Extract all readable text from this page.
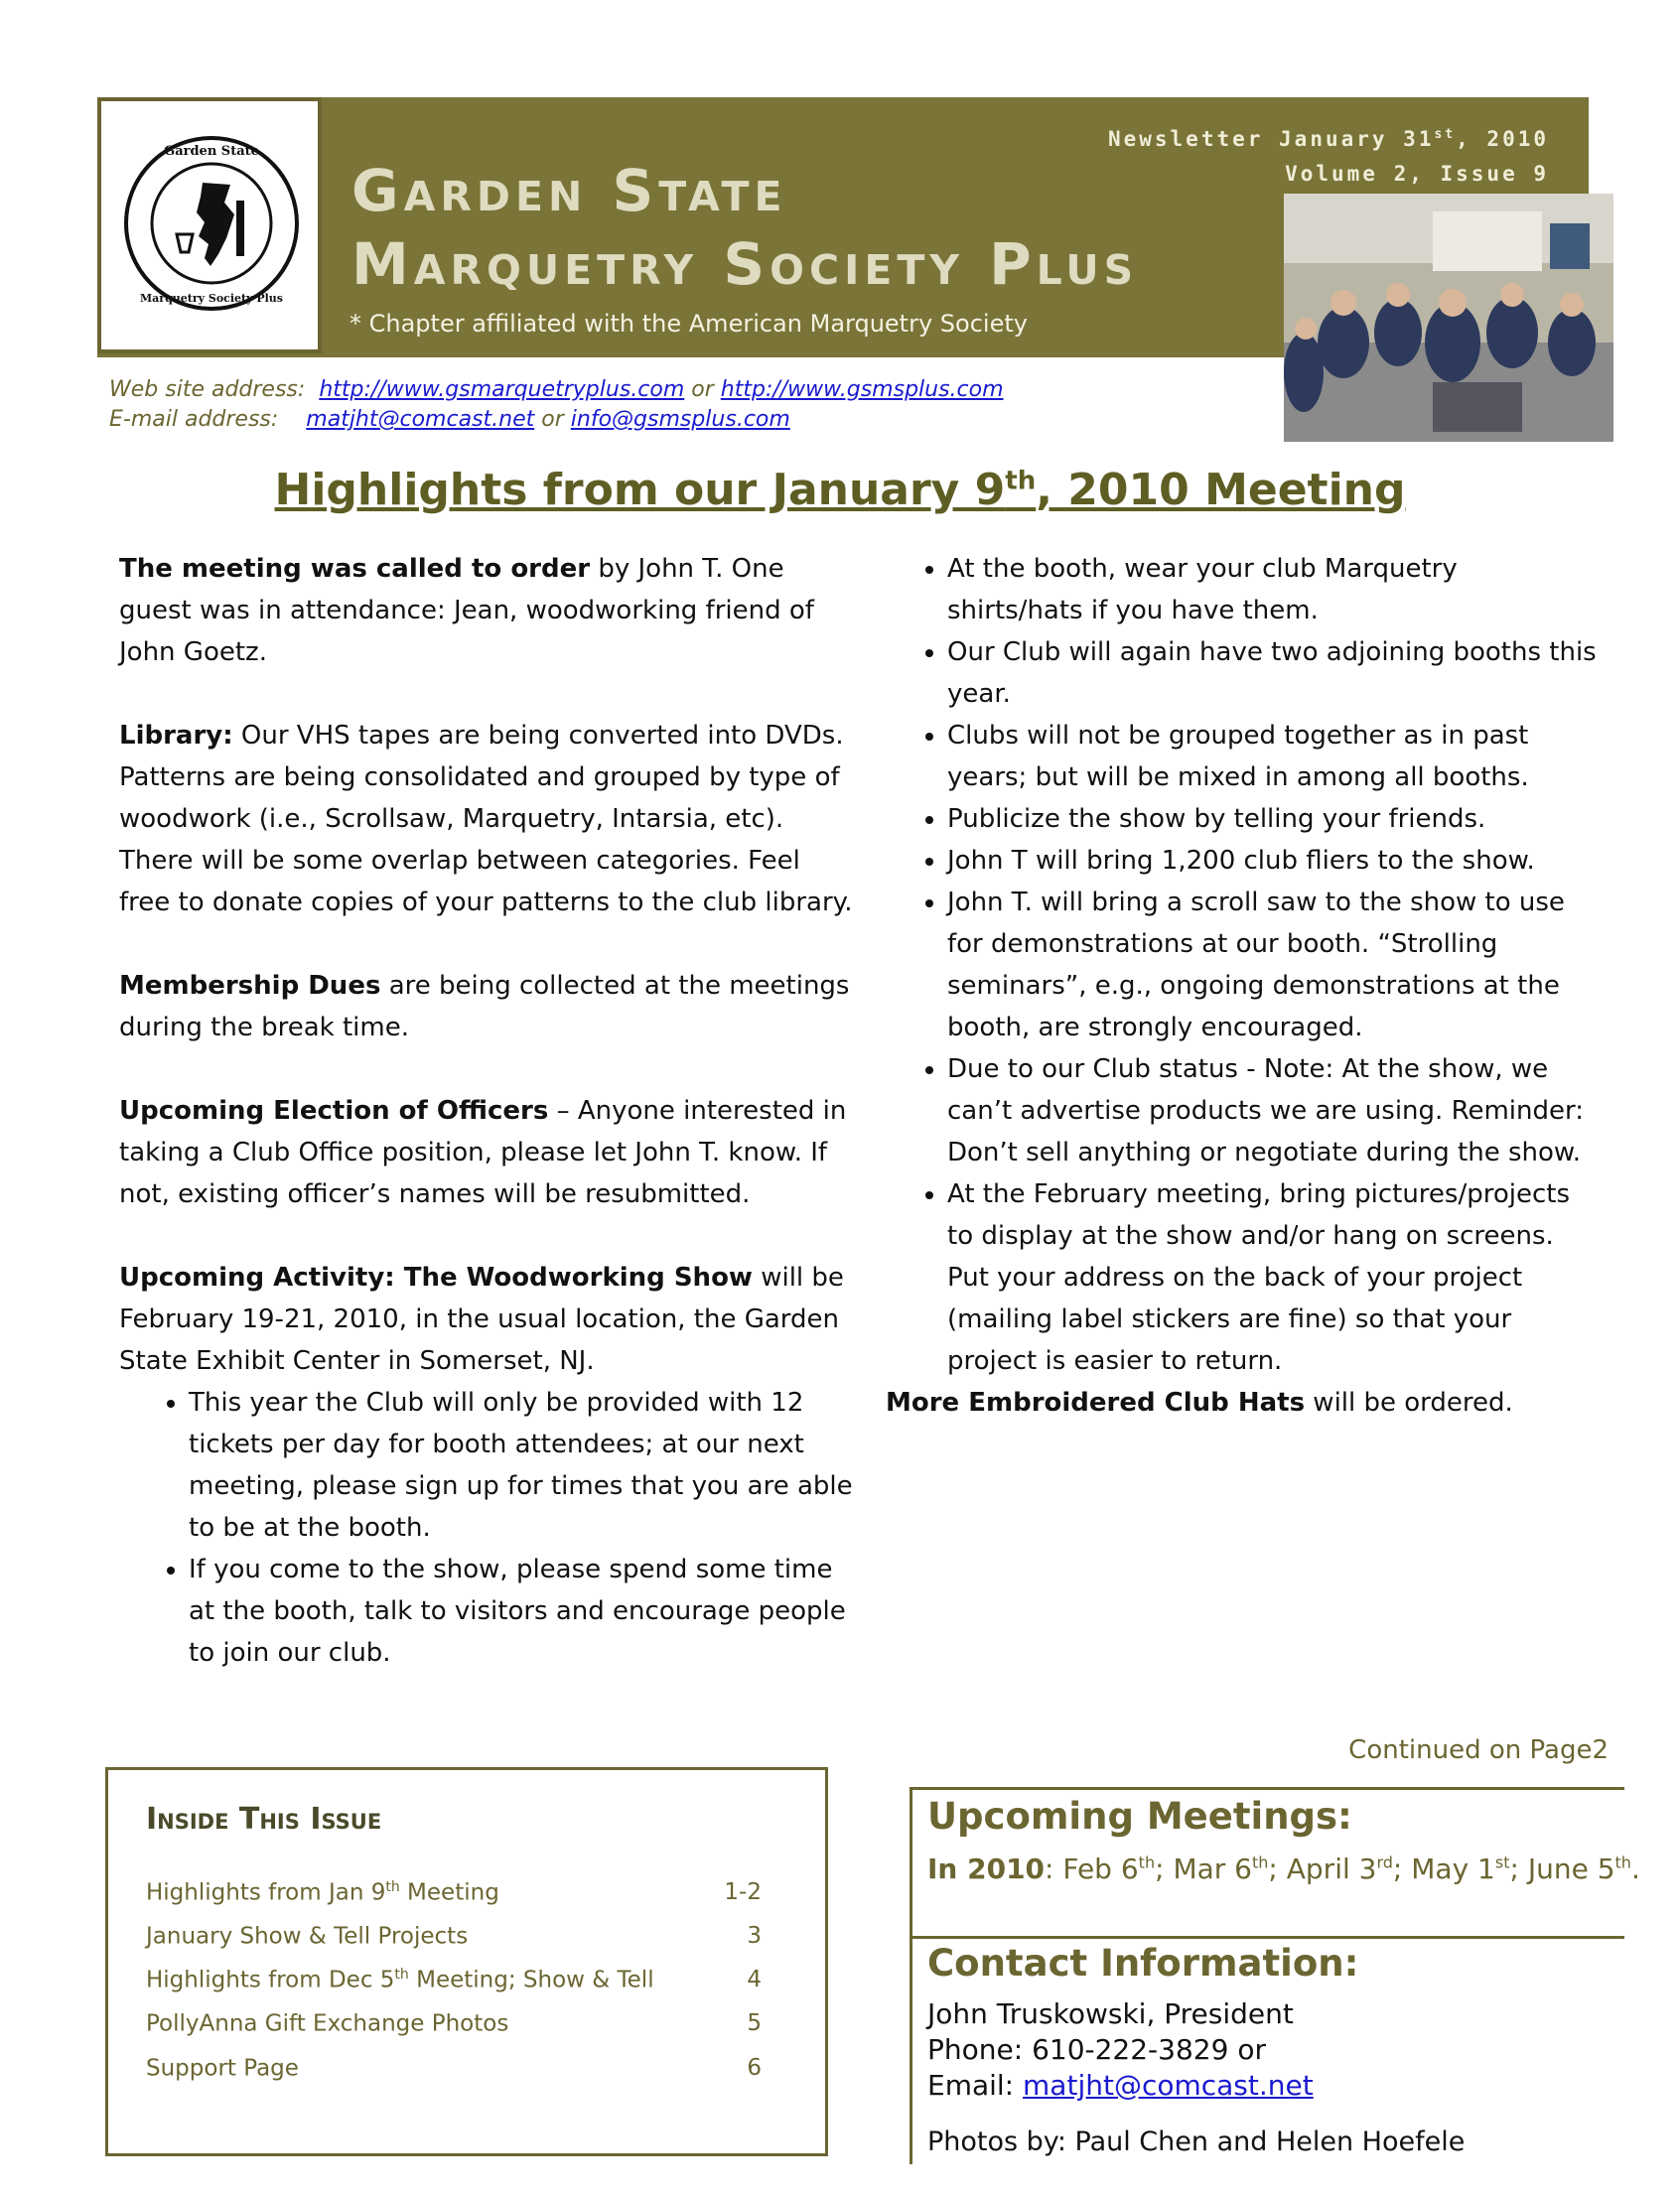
Garden State
Marquetry Society Plus
Newsletter January 31st, 2010
Volume 2, Issue 9
Garden State
Marquetry Society Plus
* Chapter affiliated with the American Marquetry Society
Web site address: http://www.gsmarquetryplus.com or http://www.gsmsplus.com
E-mail address: matjht@comcast.net or info@gsmsplus.com
Highlights from our January 9th, 2010 Meeting

The meeting was called to order by John T. One guest was in attendance: Jean, woodworking friend of John Goetz.

Library: Our VHS tapes are being converted into DVDs. Patterns are being consolidated and grouped by type of woodwork (i.e., Scrollsaw, Marquetry, Intarsia, etc). There will be some overlap between categories. Feel free to donate copies of your patterns to the club library.

Membership Dues are being collected at the meetings during the break time.

Upcoming Election of Officers – Anyone interested in taking a Club Office position, please let John T. know. If not, existing officer’s names will be resubmitted.

Upcoming Activity: The Woodworking Show will be February 19-21, 2010, in the usual location, the Garden State Exhibit Center in Somerset, NJ.

• This year the Club will only be provided with 12 tickets per day for booth attendees; at our next meeting, please sign up for times that you are able to be at the booth.
• If you come to the show, please spend some time at the booth, talk to visitors and encourage people to join our club.
• At the booth, wear your club Marquetry shirts/hats if you have them.
• Our Club will again have two adjoining booths this year.
• Clubs will not be grouped together as in past years; but will be mixed in among all booths.
• Publicize the show by telling your friends.
• John T will bring 1,200 club fliers to the show.
• John T. will bring a scroll saw to the show to use for demonstrations at our booth. “Strolling seminars”, e.g., ongoing demonstrations at the booth, are strongly encouraged.
• Due to our Club status - Note: At the show, we can’t advertise products we are using. Reminder: Don’t sell anything or negotiate during the show.
• At the February meeting, bring pictures/projects to display at the show and/or hang on screens. Put your address on the back of your project (mailing label stickers are fine) so that your project is easier to return.

More Embroidered Club Hats will be ordered.

Continued on Page2
Inside This Issue
Highlights from Jan 9th Meeting	1-2
January Show & Tell Projects	3
Highlights from Dec 5th Meeting; Show & Tell	4
PollyAnna Gift Exchange Photos	5
Support Page	6
Upcoming Meetings:
In 2010: Feb 6th; Mar 6th; April 3rd; May 1st; June 5th.
Contact Information:
John Truskowski, President
Phone: 610-222-3829 or
Email: matjht@comcast.net
Photos by: Paul Chen and Helen Hoefele
